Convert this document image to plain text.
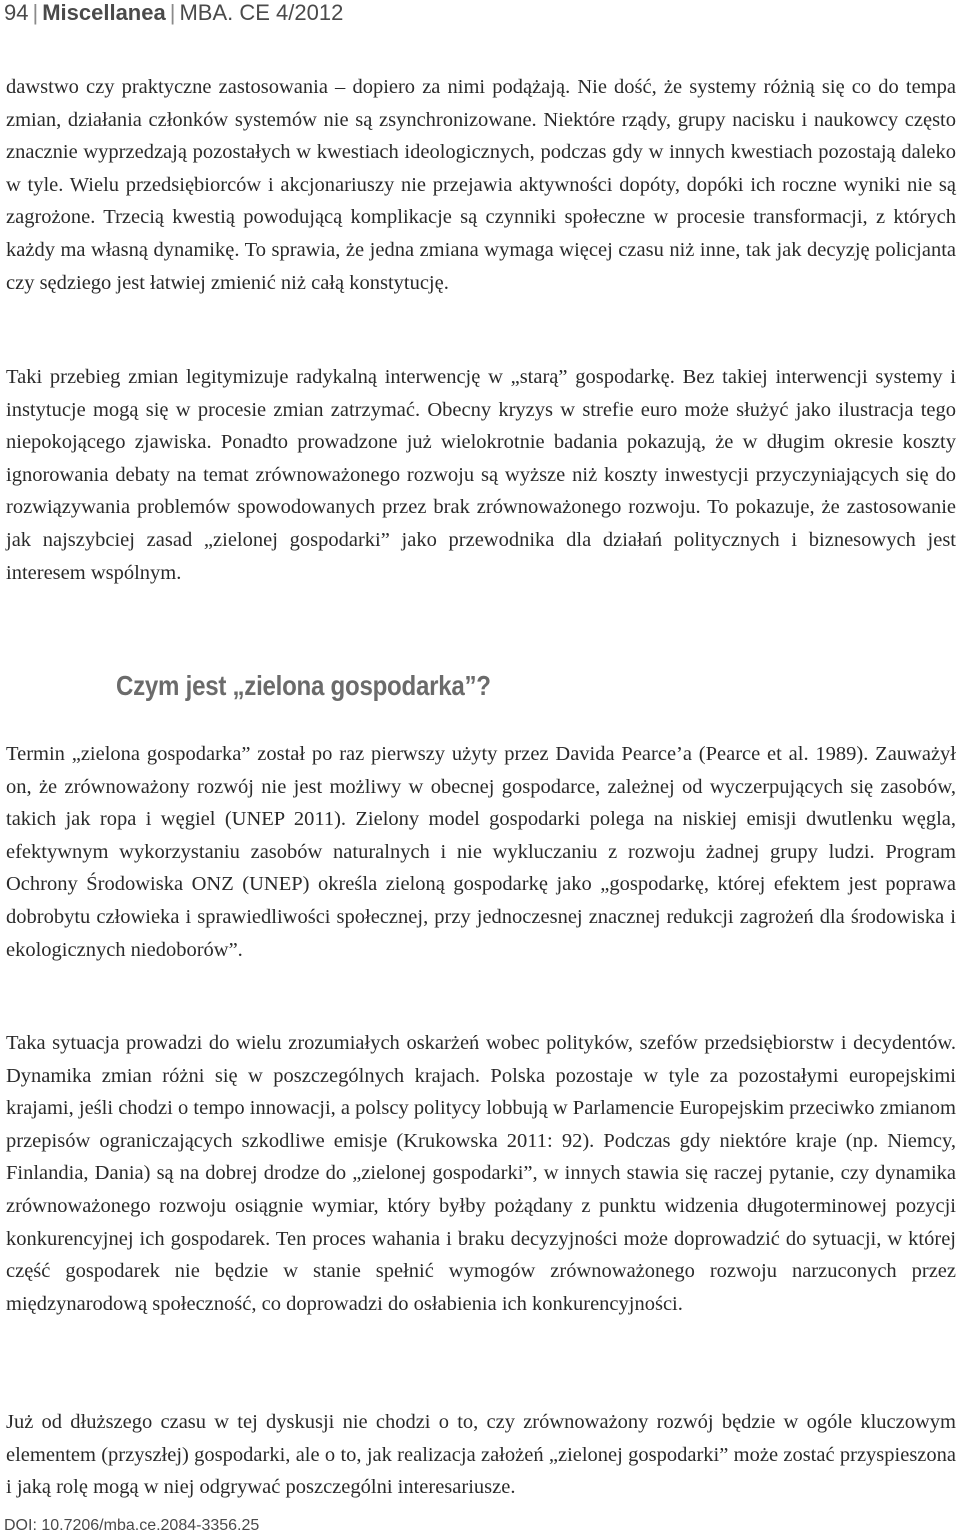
94 | Miscellanea | MBA. CE 4/2012

dawstwo czy praktyczne zastosowania – dopiero za nimi podążają. Nie dość, że systemy różnią się co do tempa zmian, działania członków systemów nie są zsynchronizowane. Niektóre rządy, grupy nacisku i naukowcy często znacznie wyprzedzają pozostałych w kwestiach ideologicznych, podczas gdy w innych kwestiach pozostają daleko w tyle. Wielu przedsiębiorców i akcjonariuszy nie przejawia aktywności dopóty, dopóki ich roczne wyniki nie są zagrożone. Trzecią kwestią powodującą komplikacje są czynniki społeczne w procesie transformacji, z których każdy ma własną dynamikę. To sprawia, że jedna zmiana wymaga więcej czasu niż inne, tak jak decyzję policjanta czy sędziego jest łatwiej zmienić niż całą konstytucję.

Taki przebieg zmian legitymizuje radykalną interwencję w „starą” gospodarkę. Bez takiej interwencji systemy i instytucje mogą się w procesie zmian zatrzymać. Obecny kryzys w strefie euro może służyć jako ilustracja tego niepokojącego zjawiska. Ponadto prowadzone już wielokrotnie badania pokazują, że w długim okresie koszty ignorowania debaty na temat zrównoważonego rozwoju są wyższe niż koszty inwestycji przyczyniających się do rozwiązywania problemów spowodowanych przez brak zrównoważonego rozwoju. To pokazuje, że zastosowanie jak najszybciej zasad „zielonej gospodarki” jako przewodnika dla działań politycznych i biznesowych jest interesem wspólnym.

Czym jest „zielona gospodarka”?

Termin „zielona gospodarka” został po raz pierwszy użyty przez Davida Pearce’a (Pearce et al. 1989). Zauważył on, że zrównoważony rozwój nie jest możliwy w obecnej gospodarce, zależnej od wyczerpujących się zasobów, takich jak ropa i węgiel (UNEP 2011). Zielony model gospodarki polega na niskiej emisji dwutlenku węgla, efektywnym wykorzystaniu zasobów naturalnych i nie wykluczaniu z rozwoju żadnej grupy ludzi. Program Ochrony Środowiska ONZ (UNEP) określa zieloną gospodarkę jako „gospodarkę, której efektem jest poprawa dobrobytu człowieka i sprawiedliwości społecznej, przy jednoczesnej znacznej redukcji zagrożeń dla środowiska i ekologicznych niedoborów”.

Taka sytuacja prowadzi do wielu zrozumiałych oskarżeń wobec polityków, szefów przedsiębiorstw i decydentów. Dynamika zmian różni się w poszczególnych krajach. Polska pozostaje w tyle za pozostałymi europejskimi krajami, jeśli chodzi o tempo innowacji, a polscy politycy lobbują w Parlamencie Europejskim przeciwko zmianom przepisów ograniczających szkodliwe emisje (Krukowska 2011: 92). Podczas gdy niektóre kraje (np. Niemcy, Finlandia, Dania) są na dobrej drodze do „zielonej gospodarki”, w innych stawia się raczej pytanie, czy dynamika zrównoważonego rozwoju osiągnie wymiar, który byłby pożądany z punktu widzenia długoterminowej pozycji konkurencyjnej ich gospodarek. Ten proces wahania i braku decyzyjności może doprowadzić do sytuacji, w której część gospodarek nie będzie w stanie spełnić wymogów zrównoważonego rozwoju narzuconych przez międzynarodową społeczność, co doprowadzi do osłabienia ich konkurencyjności.

Już od dłuższego czasu w tej dyskusji nie chodzi o to, czy zrównoważony rozwój będzie w ogóle kluczowym elementem (przyszłej) gospodarki, ale o to, jak realizacja założeń „zielonej gospodarki” może zostać przyspieszona i jaką rolę mogą w niej odgrywać poszczególni interesariusze.

DOI: 10.7206/mba.ce.2084-3356.25
